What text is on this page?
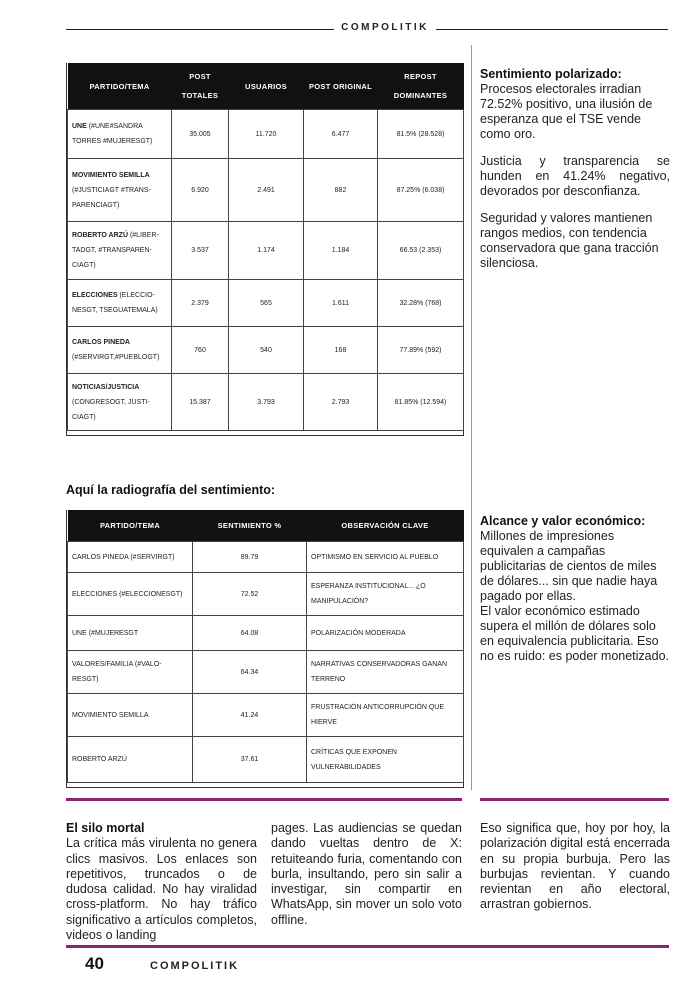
COMPOLITIK
PARTIDO/TEMA	POST TOTALES	USUARIOS	POST ORIGINAL	REPOST DOMINANTES
UNE (#UNE#SANDRA TORRES #MUJERESGT)	35.005	11.720	6.477	81.5% (28.528)
MOVIMIENTO SEMILLA (#JUSTICIAGT #TRANS-PARENCIAGT)	6.920	2.491	882	87.25% (6.038)
ROBERTO ARZÚ (#LIBER-TADGT, #TRANSPAREN-CIAGT)	3.537	1.174	1.184	66.53 (2.353)
ELECCIONES (ELECCIO-NESGT, TSEGUATEMALA)	2.379	565	1.611	32.28% (768)
CARLOS PINEDA (#SERVIRGT,#PUEBLOGT)	760	540	168	77.89% (592)
NOTICIAS/JUSTICIA (CONGRESOGT, JUSTI-CIAGT)	15.387	3.793	2.793	81.85% (12.594)
Aquí la radiografía del sentimiento:
PARTIDO/TEMA	SENTIMIENTO %	OBSERVACIÓN CLAVE
CARLOS PINEDA (#SERVIRGT)	89.79	OPTIMISMO EN SERVICIO AL PUEBLO
ELECCIONES (#ELECCIONESGT)	72.52	ESPERANZA INSTITUCIONAL... ¿O MANIPULACIÓN?
UNE (#MUJERESGT	64.08	POLARIZACIÓN MODERADA
VALORES/FAMILIA (#VALO-RESGT)	64.34	NARRATIVAS CONSERVADORAS GANAN TERRENO
MOVIMIENTO SEMILLA	41.24	FRUSTRACIÓN ANTICORRUPCIÓN QUE HIERVE
ROBERTO ARZÚ	37.61	CRÍTICAS QUE EXPONEN VULNERABILIDADES
Sentimiento polarizado:

Procesos electorales irradian 72.52% positivo, una ilusión de esperanza que el TSE vende como oro.

Justicia y transparencia se hunden en 41.24% negativo, devorados por desconfianza.

Seguridad y valores mantienen rangos medios, con tendencia conservadora que gana tracción silenciosa.

Alcance y valor económico:

Millones de impresiones equivalen a campañas publicitarias de cientos de miles de dólares... sin que nadie haya pagado por ellas.

El valor económico estimado supera el millón de dólares solo en equivalencia publicitaria. Eso no es ruido: es poder monetizado.

El silo mortal
La crítica más virulenta no genera clics masivos. Los enlaces son repetitivos, truncados o de dudosa calidad. No hay viralidad cross-platform. No hay tráfico significativo a artículos completos, videos o landing
pages. Las audiencias se quedan dando vueltas dentro de X: retuiteando furia, comentando con burla, insultando, pero sin salir a investigar, sin compartir en WhatsApp, sin mover un solo voto offline.
Eso significa que, hoy por hoy, la polarización digital está encerrada en su propia burbuja. Pero las burbujas revientan. Y cuando revientan en año electoral, arrastran gobiernos.
40	COMPOLITIK
